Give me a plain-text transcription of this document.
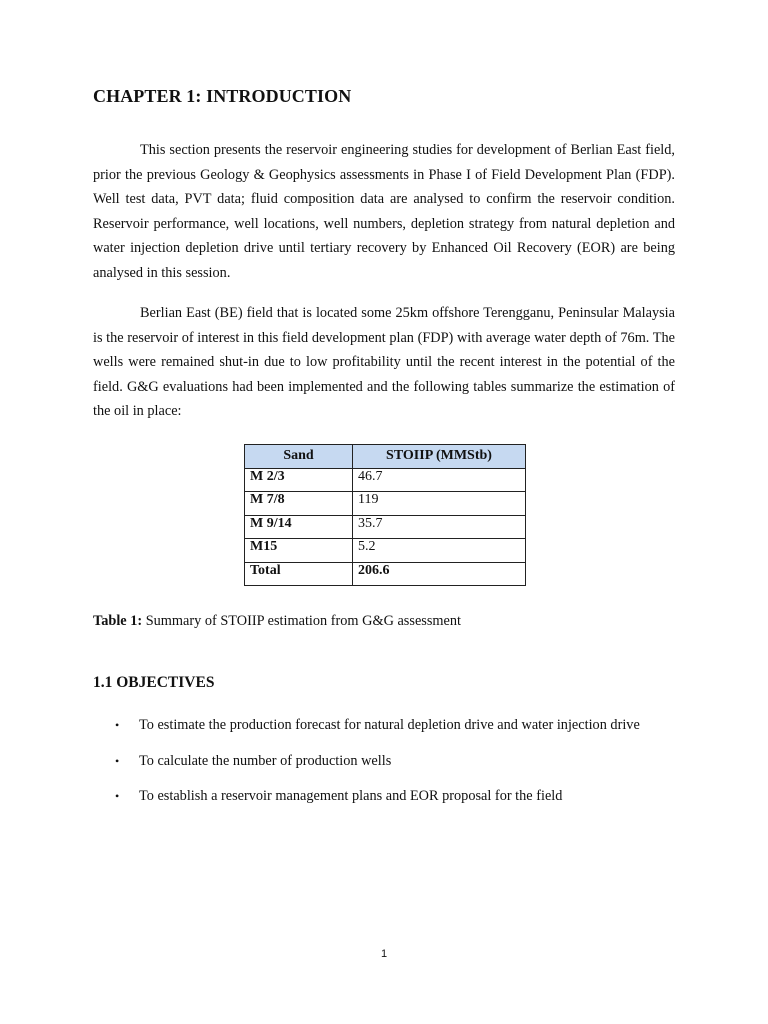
CHAPTER 1: INTRODUCTION

This section presents the reservoir engineering studies for development of Berlian East field, prior the previous Geology & Geophysics assessments in Phase I of Field Development Plan (FDP). Well test data, PVT data; fluid composition data are analysed to confirm the reservoir condition. Reservoir performance, well locations, well numbers, depletion strategy from natural depletion and water injection depletion drive until tertiary recovery by Enhanced Oil Recovery (EOR) are being analysed in this session.

Berlian East (BE) field that is located some 25km offshore Terengganu, Peninsular Malaysia is the reservoir of interest in this field development plan (FDP) with average water depth of 76m. The wells were remained shut-in due to low profitability until the recent interest in the potential of the field. G&G evaluations had been implemented and the following tables summarize the estimation of the oil in place:

Sand	STOIIP (MMStb)
M 2/3	46.7
M 7/8	119
M 9/14	35.7
M15	5.2
Total	206.6

Table 1: Summary of STOIIP estimation from G&G assessment

1.1 OBJECTIVES
• To estimate the production forecast for natural depletion drive and water injection drive
• To calculate the number of production wells
• To establish a reservoir management plans and EOR proposal for the field
1
